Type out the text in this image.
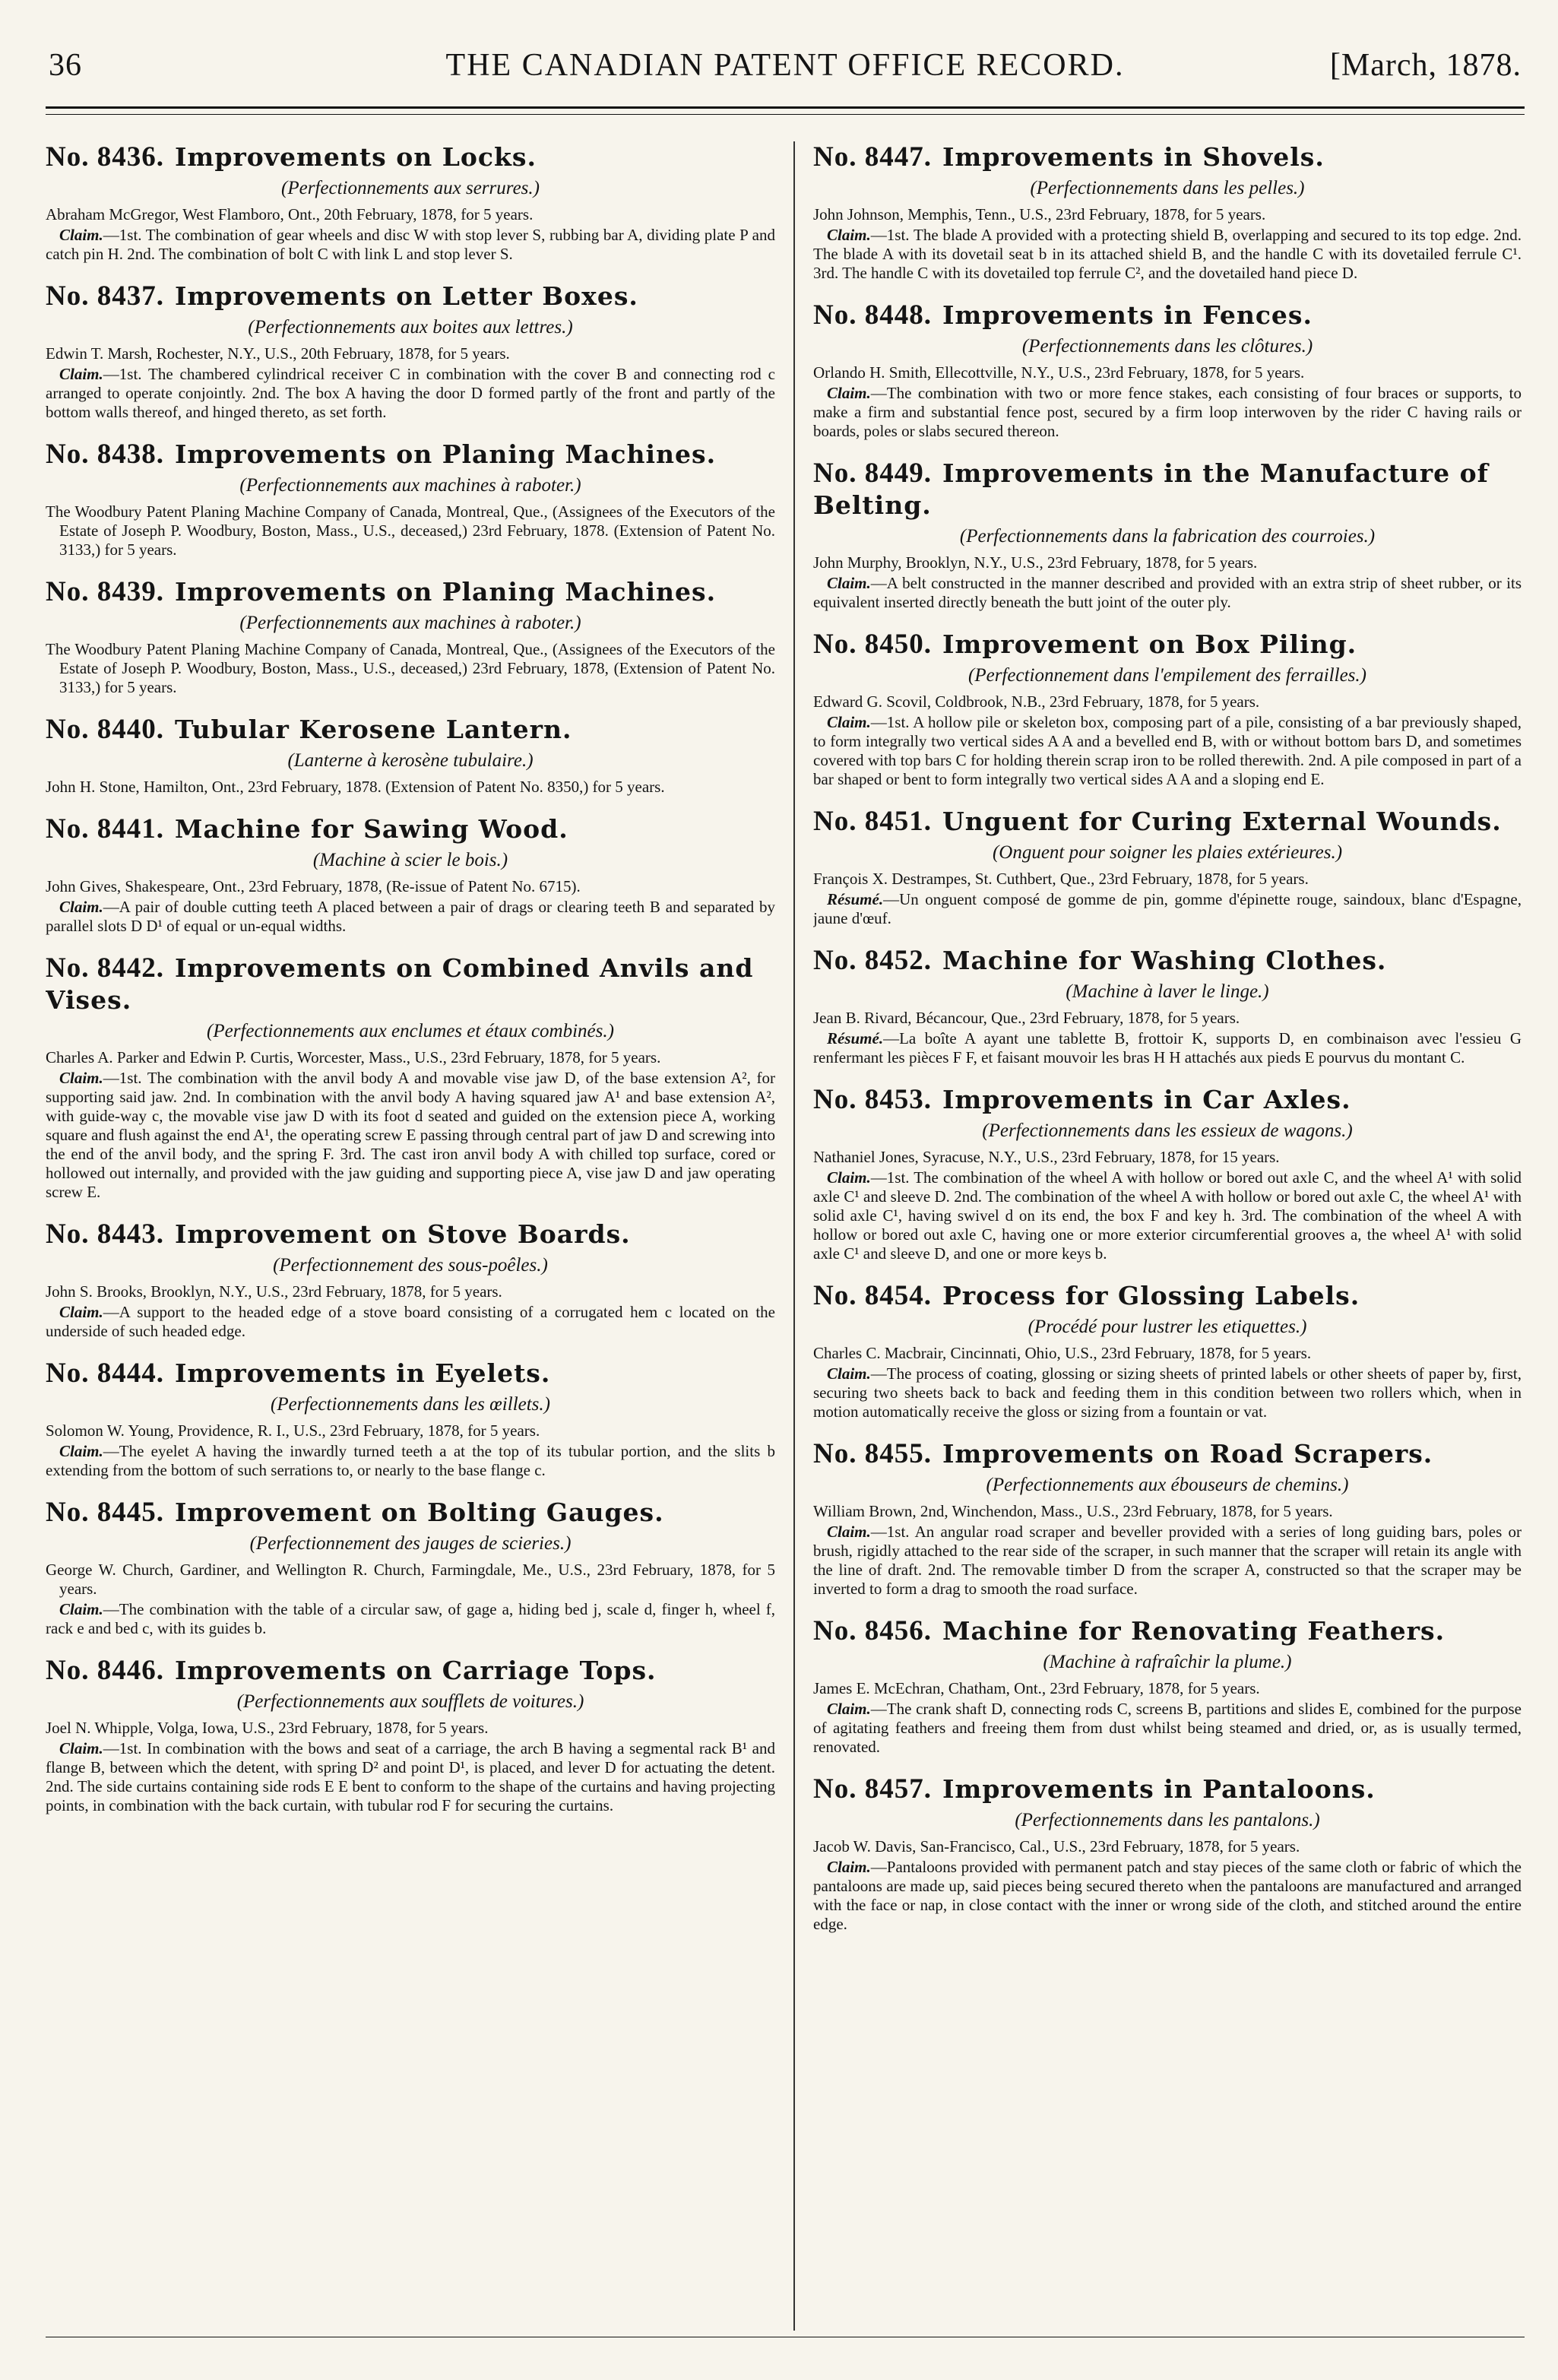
36	THE CANADIAN PATENT OFFICE RECORD.	[March, 1878.
No. 8436. Improvements on Locks.
(Perfectionnements aux serrures.)

Abraham McGregor, West Flamboro, Ont., 20th February, 1878, for 5 years.

Claim.—1st. The combination of gear wheels and disc W with stop lever S, rubbing bar A, dividing plate P and catch pin H. 2nd. The combination of bolt C with link L and stop lever S.

No. 8437. Improvements on Letter Boxes.
(Perfectionnements aux boites aux lettres.)

Edwin T. Marsh, Rochester, N.Y., U.S., 20th February, 1878, for 5 years.

Claim.—1st. The chambered cylindrical receiver C in combination with the cover B and connecting rod c arranged to operate conjointly. 2nd. The box A having the door D formed partly of the front and partly of the bottom walls thereof, and hinged thereto, as set forth.

No. 8438. Improvements on Planing Machines.
(Perfectionnements aux machines à raboter.)

The Woodbury Patent Planing Machine Company of Canada, Montreal, Que., (Assignees of the Executors of the Estate of Joseph P. Woodbury, Boston, Mass., U.S., deceased,) 23rd February, 1878. (Extension of Patent No. 3133,) for 5 years.

No. 8439. Improvements on Planing Machines.
(Perfectionnements aux machines à raboter.)

The Woodbury Patent Planing Machine Company of Canada, Montreal, Que., (Assignees of the Executors of the Estate of Joseph P. Woodbury, Boston, Mass., U.S., deceased,) 23rd February, 1878, (Extension of Patent No. 3133,) for 5 years.

No. 8440. Tubular Kerosene Lantern.
(Lanterne à kerosène tubulaire.)

John H. Stone, Hamilton, Ont., 23rd February, 1878. (Extension of Patent No. 8350,) for 5 years.

No. 8441. Machine for Sawing Wood.
(Machine à scier le bois.)

John Gives, Shakespeare, Ont., 23rd February, 1878, (Re-issue of Patent No. 6715).

Claim.—A pair of double cutting teeth A placed between a pair of drags or clearing teeth B and separated by parallel slots D D¹ of equal or un-equal widths.

No. 8442. Improvements on Combined Anvils and Vises.
(Perfectionnements aux enclumes et étaux combinés.)

Charles A. Parker and Edwin P. Curtis, Worcester, Mass., U.S., 23rd February, 1878, for 5 years.

Claim.—1st. The combination with the anvil body A and movable vise jaw D, of the base extension A², for supporting said jaw. 2nd. In combination with the anvil body A having squared jaw A¹ and base extension A², with guide-way c, the movable vise jaw D with its foot d seated and guided on the extension piece A, working square and flush against the end A¹, the operating screw E passing through central part of jaw D and screwing into the end of the anvil body, and the spring F. 3rd. The cast iron anvil body A with chilled top surface, cored or hollowed out internally, and provided with the jaw guiding and supporting piece A, vise jaw D and jaw operating screw E.

No. 8443. Improvement on Stove Boards.
(Perfectionnement des sous-poêles.)

John S. Brooks, Brooklyn, N.Y., U.S., 23rd February, 1878, for 5 years.

Claim.—A support to the headed edge of a stove board consisting of a corrugated hem c located on the underside of such headed edge.

No. 8444. Improvements in Eyelets.
(Perfectionnements dans les œillets.)

Solomon W. Young, Providence, R. I., U.S., 23rd February, 1878, for 5 years.

Claim.—The eyelet A having the inwardly turned teeth a at the top of its tubular portion, and the slits b extending from the bottom of such serrations to, or nearly to the base flange c.

No. 8445. Improvement on Bolting Gauges.
(Perfectionnement des jauges de scieries.)

George W. Church, Gardiner, and Wellington R. Church, Farmingdale, Me., U.S., 23rd February, 1878, for 5 years.

Claim.—The combination with the table of a circular saw, of gage a, hiding bed j, scale d, finger h, wheel f, rack e and bed c, with its guides b.

No. 8446. Improvements on Carriage Tops.
(Perfectionnements aux soufflets de voitures.)

Joel N. Whipple, Volga, Iowa, U.S., 23rd February, 1878, for 5 years.

Claim.—1st. In combination with the bows and seat of a carriage, the arch B having a segmental rack B¹ and flange B, between which the detent, with spring D² and point D¹, is placed, and lever D for actuating the detent. 2nd. The side curtains containing side rods E E bent to conform to the shape of the curtains and having projecting points, in combination with the back curtain, with tubular rod F for securing the curtains.

No. 8447. Improvements in Shovels.
(Perfectionnements dans les pelles.)

John Johnson, Memphis, Tenn., U.S., 23rd February, 1878, for 5 years.

Claim.—1st. The blade A provided with a protecting shield B, overlapping and secured to its top edge. 2nd. The blade A with its dovetail seat b in its attached shield B, and the handle C with its dovetailed ferrule C¹. 3rd. The handle C with its dovetailed top ferrule C², and the dovetailed hand piece D.

No. 8448. Improvements in Fences.
(Perfectionnements dans les clôtures.)

Orlando H. Smith, Ellecottville, N.Y., U.S., 23rd February, 1878, for 5 years.

Claim.—The combination with two or more fence stakes, each consisting of four braces or supports, to make a firm and substantial fence post, secured by a firm loop interwoven by the rider C having rails or boards, poles or slabs secured thereon.

No. 8449. Improvements in the Manufacture of Belting.
(Perfectionnements dans la fabrication des courroies.)

John Murphy, Brooklyn, N.Y., U.S., 23rd February, 1878, for 5 years.

Claim.—A belt constructed in the manner described and provided with an extra strip of sheet rubber, or its equivalent inserted directly beneath the butt joint of the outer ply.

No. 8450. Improvement on Box Piling.
(Perfectionnement dans l'empilement des ferrailles.)

Edward G. Scovil, Coldbrook, N.B., 23rd February, 1878, for 5 years.

Claim.—1st. A hollow pile or skeleton box, composing part of a pile, consisting of a bar previously shaped, to form integrally two vertical sides A A and a bevelled end B, with or without bottom bars D, and sometimes covered with top bars C for holding therein scrap iron to be rolled therewith. 2nd. A pile composed in part of a bar shaped or bent to form integrally two vertical sides A A and a sloping end E.

No. 8451. Unguent for Curing External Wounds.
(Onguent pour soigner les plaies extérieures.)

François X. Destrampes, St. Cuthbert, Que., 23rd February, 1878, for 5 years.

Résumé.—Un onguent composé de gomme de pin, gomme d'épinette rouge, saindoux, blanc d'Espagne, jaune d'œuf.

No. 8452. Machine for Washing Clothes.
(Machine à laver le linge.)

Jean B. Rivard, Bécancour, Que., 23rd February, 1878, for 5 years.

Résumé.—La boîte A ayant une tablette B, frottoir K, supports D, en combinaison avec l'essieu G renfermant les pièces F F, et faisant mouvoir les bras H H attachés aux pieds E pourvus du montant C.

No. 8453. Improvements in Car Axles.
(Perfectionnements dans les essieux de wagons.)

Nathaniel Jones, Syracuse, N.Y., U.S., 23rd February, 1878, for 15 years.

Claim.—1st. The combination of the wheel A with hollow or bored out axle C, and the wheel A¹ with solid axle C¹ and sleeve D. 2nd. The combination of the wheel A with hollow or bored out axle C, the wheel A¹ with solid axle C¹, having swivel d on its end, the box F and key h. 3rd. The combination of the wheel A with hollow or bored out axle C, having one or more exterior circumferential grooves a, the wheel A¹ with solid axle C¹ and sleeve D, and one or more keys b.

No. 8454. Process for Glossing Labels.
(Procédé pour lustrer les etiquettes.)

Charles C. Macbrair, Cincinnati, Ohio, U.S., 23rd February, 1878, for 5 years.

Claim.—The process of coating, glossing or sizing sheets of printed labels or other sheets of paper by, first, securing two sheets back to back and feeding them in this condition between two rollers which, when in motion automatically receive the gloss or sizing from a fountain or vat.

No. 8455. Improvements on Road Scrapers.
(Perfectionnements aux ébouseurs de chemins.)

William Brown, 2nd, Winchendon, Mass., U.S., 23rd February, 1878, for 5 years.

Claim.—1st. An angular road scraper and beveller provided with a series of long guiding bars, poles or brush, rigidly attached to the rear side of the scraper, in such manner that the scraper will retain its angle with the line of draft. 2nd. The removable timber D from the scraper A, constructed so that the scraper may be inverted to form a drag to smooth the road surface.

No. 8456. Machine for Renovating Feathers.
(Machine à rafraîchir la plume.)

James E. McEchran, Chatham, Ont., 23rd February, 1878, for 5 years.

Claim.—The crank shaft D, connecting rods C, screens B, partitions and slides E, combined for the purpose of agitating feathers and freeing them from dust whilst being steamed and dried, or, as is usually termed, renovated.

No. 8457. Improvements in Pantaloons.
(Perfectionnements dans les pantalons.)

Jacob W. Davis, San-Francisco, Cal., U.S., 23rd February, 1878, for 5 years.

Claim.—Pantaloons provided with permanent patch and stay pieces of the same cloth or fabric of which the pantaloons are made up, said pieces being secured thereto when the pantaloons are manufactured and arranged with the face or nap, in close contact with the inner or wrong side of the cloth, and stitched around the entire edge.
